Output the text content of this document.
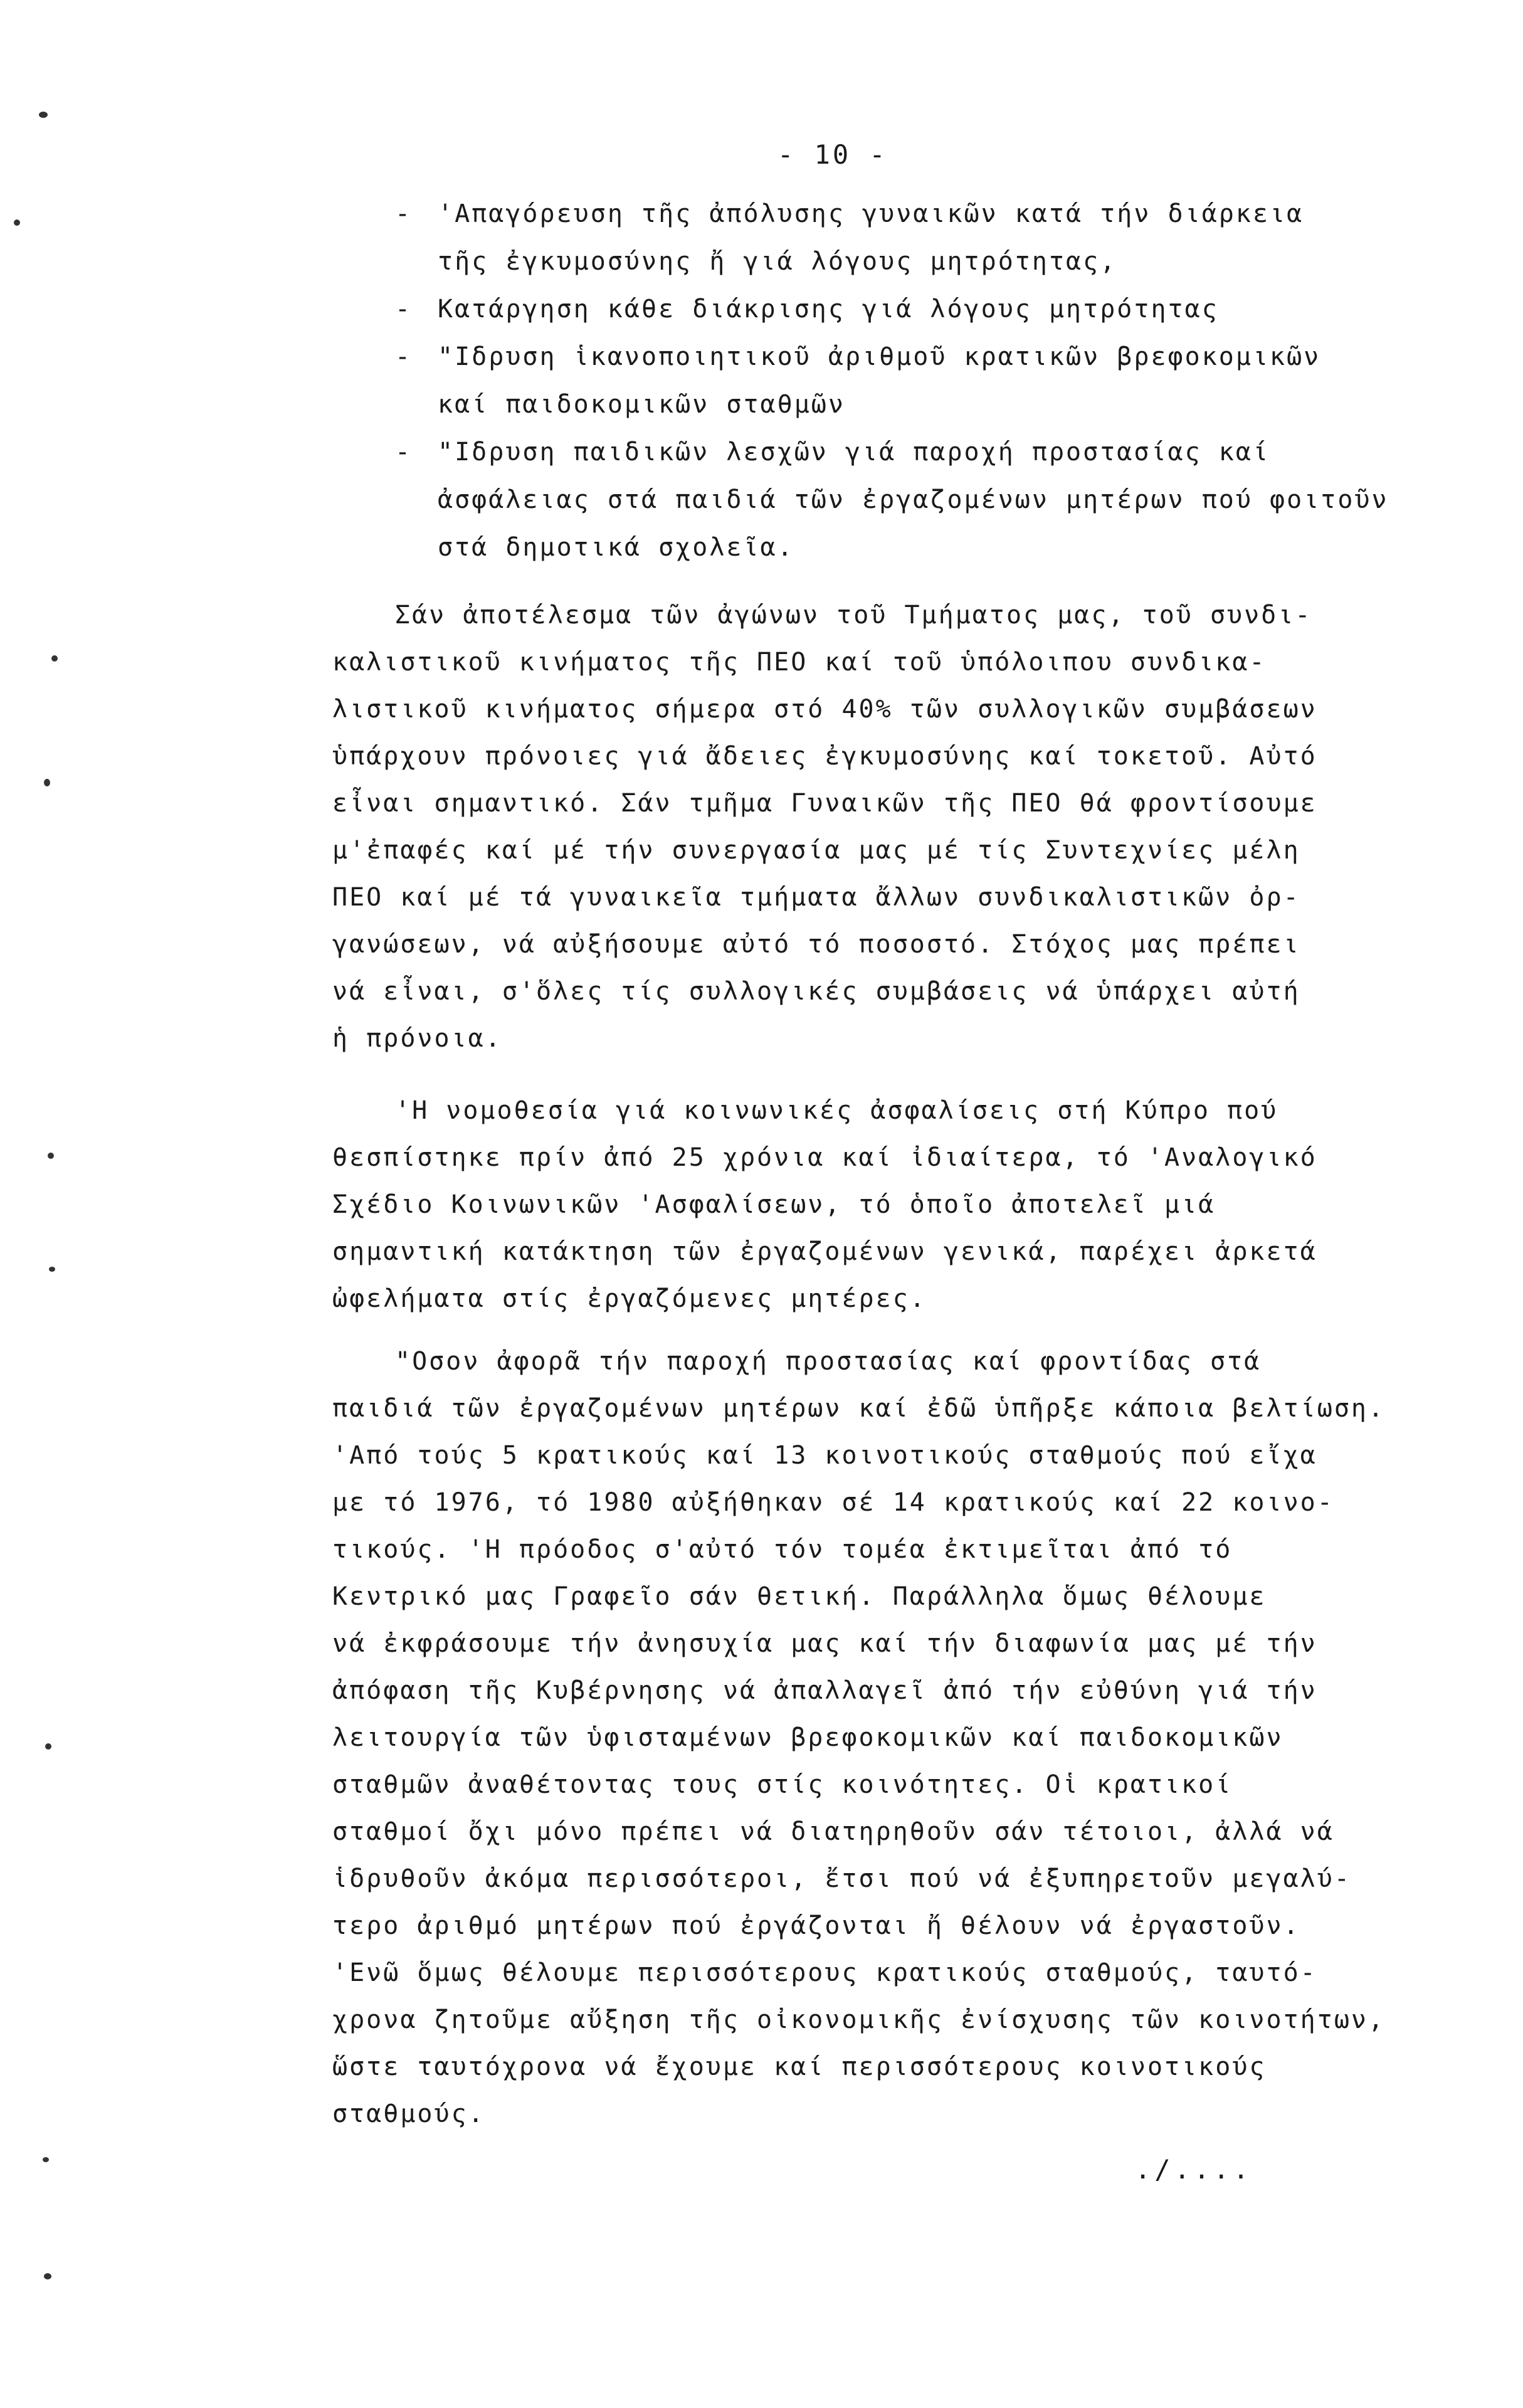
- 10 -
- 'Απαγόρευση τῆς ἀπόλυσης γυναικῶν κατά τήν διάρκεια
τῆς ἐγκυμοσύνης ἤ γιά λόγους μητρότητας,
- Κατάργηση κάθε διάκρισης γιά λόγους μητρότητας
- "Ιδρυση ἱκανοποιητικοῦ ἀριθμοῦ κρατικῶν βρεφοκομικῶν
καί παιδοκομικῶν σταθμῶν
- "Ιδρυση παιδικῶν λεσχῶν γιά παροχή προστασίας καί
ἀσφάλειας στά παιδιά τῶν ἐργαζομένων μητέρων πού φοιτοῦν
στά δημοτικά σχολεῖα.
Σάν ἀποτέλεσμα τῶν ἀγώνων τοῦ Τμήματος μας, τοῦ συνδι-
καλιστικοῦ κινήματος τῆς ΠΕΟ καί τοῦ ὑπόλοιπου συνδικα-
λιστικοῦ κινήματος σήμερα στό 40% τῶν συλλογικῶν συμβάσεων
ὑπάρχουν πρόνοιες γιά ἄδειες ἐγκυμοσύνης καί τοκετοῦ. Αὐτό
εἶναι σημαντικό. Σάν τμῆμα Γυναικῶν τῆς ΠΕΟ θά φροντίσουμε
μ'ἐπαφές καί μέ τήν συνεργασία μας μέ τίς Συντεχνίες μέλη
ΠΕΟ καί μέ τά γυναικεῖα τμήματα ἄλλων συνδικαλιστικῶν ὀρ-
γανώσεων, νά αὐξήσουμε αὐτό τό ποσοστό. Στόχος μας πρέπει
νά εἶναι, σ'ὅλες τίς συλλογικές συμβάσεις νά ὑπάρχει αὐτή
ἡ πρόνοια.
'Η νομοθεσία γιά κοινωνικές ἀσφαλίσεις στή Κύπρο πού
θεσπίστηκε πρίν ἀπό 25 χρόνια καί ἰδιαίτερα, τό 'Αναλογικό
Σχέδιο Κοινωνικῶν 'Ασφαλίσεων, τό ὁποῖο ἀποτελεῖ μιά
σημαντική κατάκτηση τῶν ἐργαζομένων γενικά, παρέχει ἀρκετά
ὠφελήματα στίς ἐργαζόμενες μητέρες.
"Οσον ἀφορᾶ τήν παροχή προστασίας καί φροντίδας στά
παιδιά τῶν ἐργαζομένων μητέρων καί ἐδῶ ὑπῆρξε κάποια βελτίωση.
'Από τούς 5 κρατικούς καί 13 κοινοτικούς σταθμούς πού εἴχα
με τό 1976, τό 1980 αὐξήθηκαν σέ 14 κρατικούς καί 22 κοινο-
τικούς. 'Η πρόοδος σ'αὐτό τόν τομέα ἐκτιμεῖται ἀπό τό
Κεντρικό μας Γραφεῖο σάν θετική. Παράλληλα ὅμως θέλουμε
νά ἐκφράσουμε τήν ἀνησυχία μας καί τήν διαφωνία μας μέ τήν
ἀπόφαση τῆς Κυβέρνησης νά ἀπαλλαγεῖ ἀπό τήν εὐθύνη γιά τήν
λειτουργία τῶν ὑφισταμένων βρεφοκομικῶν καί παιδοκομικῶν
σταθμῶν ἀναθέτοντας τους στίς κοινότητες. Οἱ κρατικοί
σταθμοί ὄχι μόνο πρέπει νά διατηρηθοῦν σάν τέτοιοι, ἀλλά νά
ἱδρυθοῦν ἀκόμα περισσότεροι, ἔτσι πού νά ἐξυπηρετοῦν μεγαλύ-
τερο ἀριθμό μητέρων πού ἐργάζονται ἤ θέλουν νά ἐργαστοῦν.
'Ενῶ ὅμως θέλουμε περισσότερους κρατικούς σταθμούς, ταυτό-
χρονα ζητοῦμε αὔξηση τῆς οἰκονομικῆς ἐνίσχυσης τῶν κοινοτήτων,
ὥστε ταυτόχρονα νά ἔχουμε καί περισσότερους κοινοτικούς
σταθμούς.
./....
